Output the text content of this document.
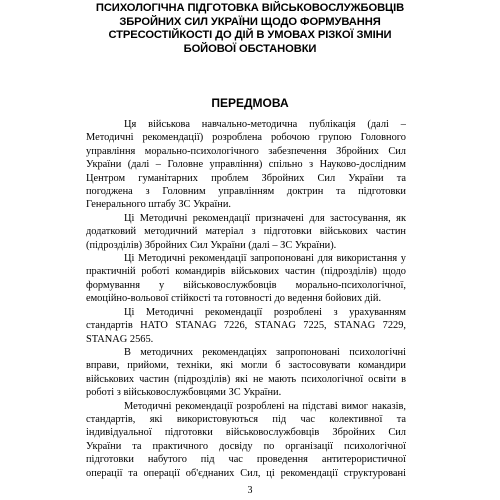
ПСИХОЛОГІЧНА ПІДГОТОВКА ВІЙСЬКОВОСЛУЖБОВЦІВ
ЗБРОЙНИХ СИЛ УКРАЇНИ ЩОДО ФОРМУВАННЯ
СТРЕСОСТІЙКОСТІ ДО ДІЙ В УМОВАХ РІЗКОЇ ЗМІНИ
БОЙОВОЇ ОБСТАНОВКИ
ПЕРЕДМОВА
Ця військова навчально-методична публікація (далі –
Методичні рекомендації) розроблена робочою групою Головного
управління морально-психологічного забезпечення Збройних Сил
України (далі – Головне управління) спільно з Науково-дослідним
Центром гуманітарних проблем Збройних Сил України та
погоджена з Головним управлінням доктрин та підготовки
Генерального штабу ЗС України.
Ці Методичні рекомендації призначені для застосування, як
додатковий методичний матеріал з підготовки військових частин
(підрозділів) Збройних Сил України (далі – ЗС України).
Ці Методичні рекомендації запропоновані для використання у
практичній роботі командирів військових частин (підрозділів) щодо
формування у військовослужбовців морально-психологічної,
емоційно-вольової стійкості та готовності до ведення бойових дій.
Ці Методичні рекомендації розроблені з урахуванням
стандартів НАТО STANAG 7226, STANAG 7225, STANAG 7229,
STANAG 2565.
В методичних рекомендаціях запропоновані психологічні
вправи, прийоми, техніки, які могли б застосовувати командири
військових частин (підрозділів) які не мають психологічної освіти в
роботі з військовослужбовцями ЗС України.
Методичні рекомендації розроблені на підставі вимог наказів,
стандартів, які використовуються під час колективної та
індивідуальної підготовки військовослужбовців Збройних Сил
України та практичного досвіду по організації психологічної
підготовки набутого під час проведення антитерористичної
операції та операції об'єднаних Сил, ці рекомендації структуровані
3
